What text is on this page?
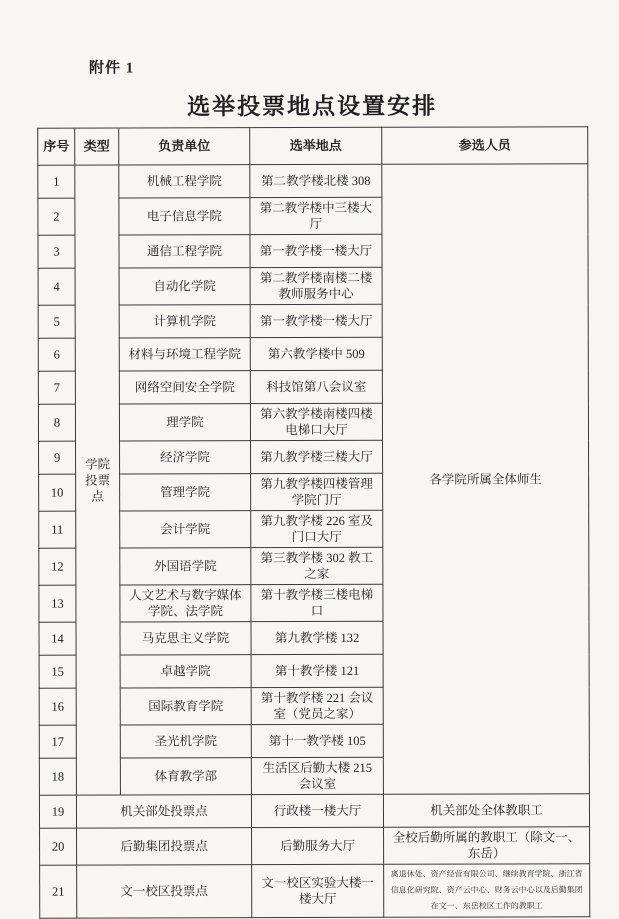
附件 1
选举投票地点设置安排
序号	类型	负责单位	选举地点	参选人员
1	学院投票点	机械工程学院	第二教学楼北楼 308	各学院所属全体师生
2		电子信息学院	第二教学楼中三楼大厅	
3		通信工程学院	第一教学楼一楼大厅	
4		自动化学院	第二教学楼南楼二楼教师服务中心	
5		计算机学院	第一教学楼一楼大厅	
6		材料与环境工程学院	第六教学楼中 509	
7		网络空间安全学院	科技馆第八会议室	
8		理学院	第六教学楼南楼四楼电梯口大厅	
9		经济学院	第九教学楼三楼大厅	
10		管理学院	第九教学楼四楼管理学院门厅	
11		会计学院	第九教学楼 226 室及门口大厅	
12		外国语学院	第三教学楼 302 教工之家	
13		人文艺术与数字媒体学院、法学院	第十教学楼三楼电梯口	
14		马克思主义学院	第九教学楼 132	
15		卓越学院	第十教学楼 121	
16		国际教育学院	第十教学楼 221 会议室（党员之家）	
17		圣光机学院	第十一教学楼 105	
18		体育教学部	生活区后勤大楼 215 会议室	
19	机关部处投票点		行政楼一楼大厅	机关部处全体教职工
20	后勤集团投票点		后勤服务大厅	全校后勤所属的教职工（除文一、东岳）
21	文一校区投票点		文一校区实验大楼一楼大厅	离退休处、资产经营有限公司、继续教育学院、浙江省信息化研究院、资产云中心、财务云中心以及后勤集团在文一、东岳校区工作的教职工
